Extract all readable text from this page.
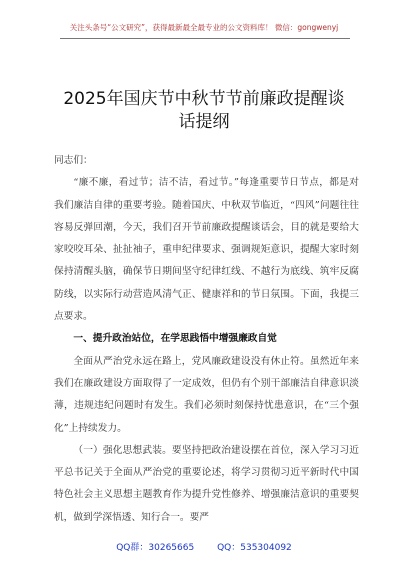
关注头条号“公文研究”，获得最新最全最专业的公文资料库！ 微信：gongwenyj
2025年国庆节中秋节节前廉政提醒谈
话提纲

同志们：

“廉不廉，看过节；洁不洁，看过节。”每逢重要节日节点，都是对我们廉洁自律的重要考验。随着国庆、中秋双节临近，“四风”问题往往容易反弹回潮，今天，我们召开节前廉政提醒谈话会，目的就是要给大家咬咬耳朵、扯扯袖子，重申纪律要求、强调规矩意识，提醒大家时刻保持清醒头脑，确保节日期间坚守纪律红线、不越行为底线、筑牢反腐防线，以实际行动营造风清气正、健康祥和的节日氛围。下面，我提三点要求。

一、提升政治站位，在学思践悟中增强廉政自觉

全面从严治党永远在路上，党风廉政建设没有休止符。虽然近年来我们在廉政建设方面取得了一定成效，但仍有个别干部廉洁自律意识淡薄，违规违纪问题时有发生。我们必须时刻保持忧患意识，在“三个强化”上持续发力。

（一）强化思想武装。要坚持把政治建设摆在首位，深入学习习近平总书记关于全面从严治党的重要论述，将学习贯彻习近平新时代中国特色社会主义思想主题教育作为提升党性修养、增强廉洁意识的重要契机，做到学深悟透、知行合一。要严

QQ群：30265665	QQ：535304092
